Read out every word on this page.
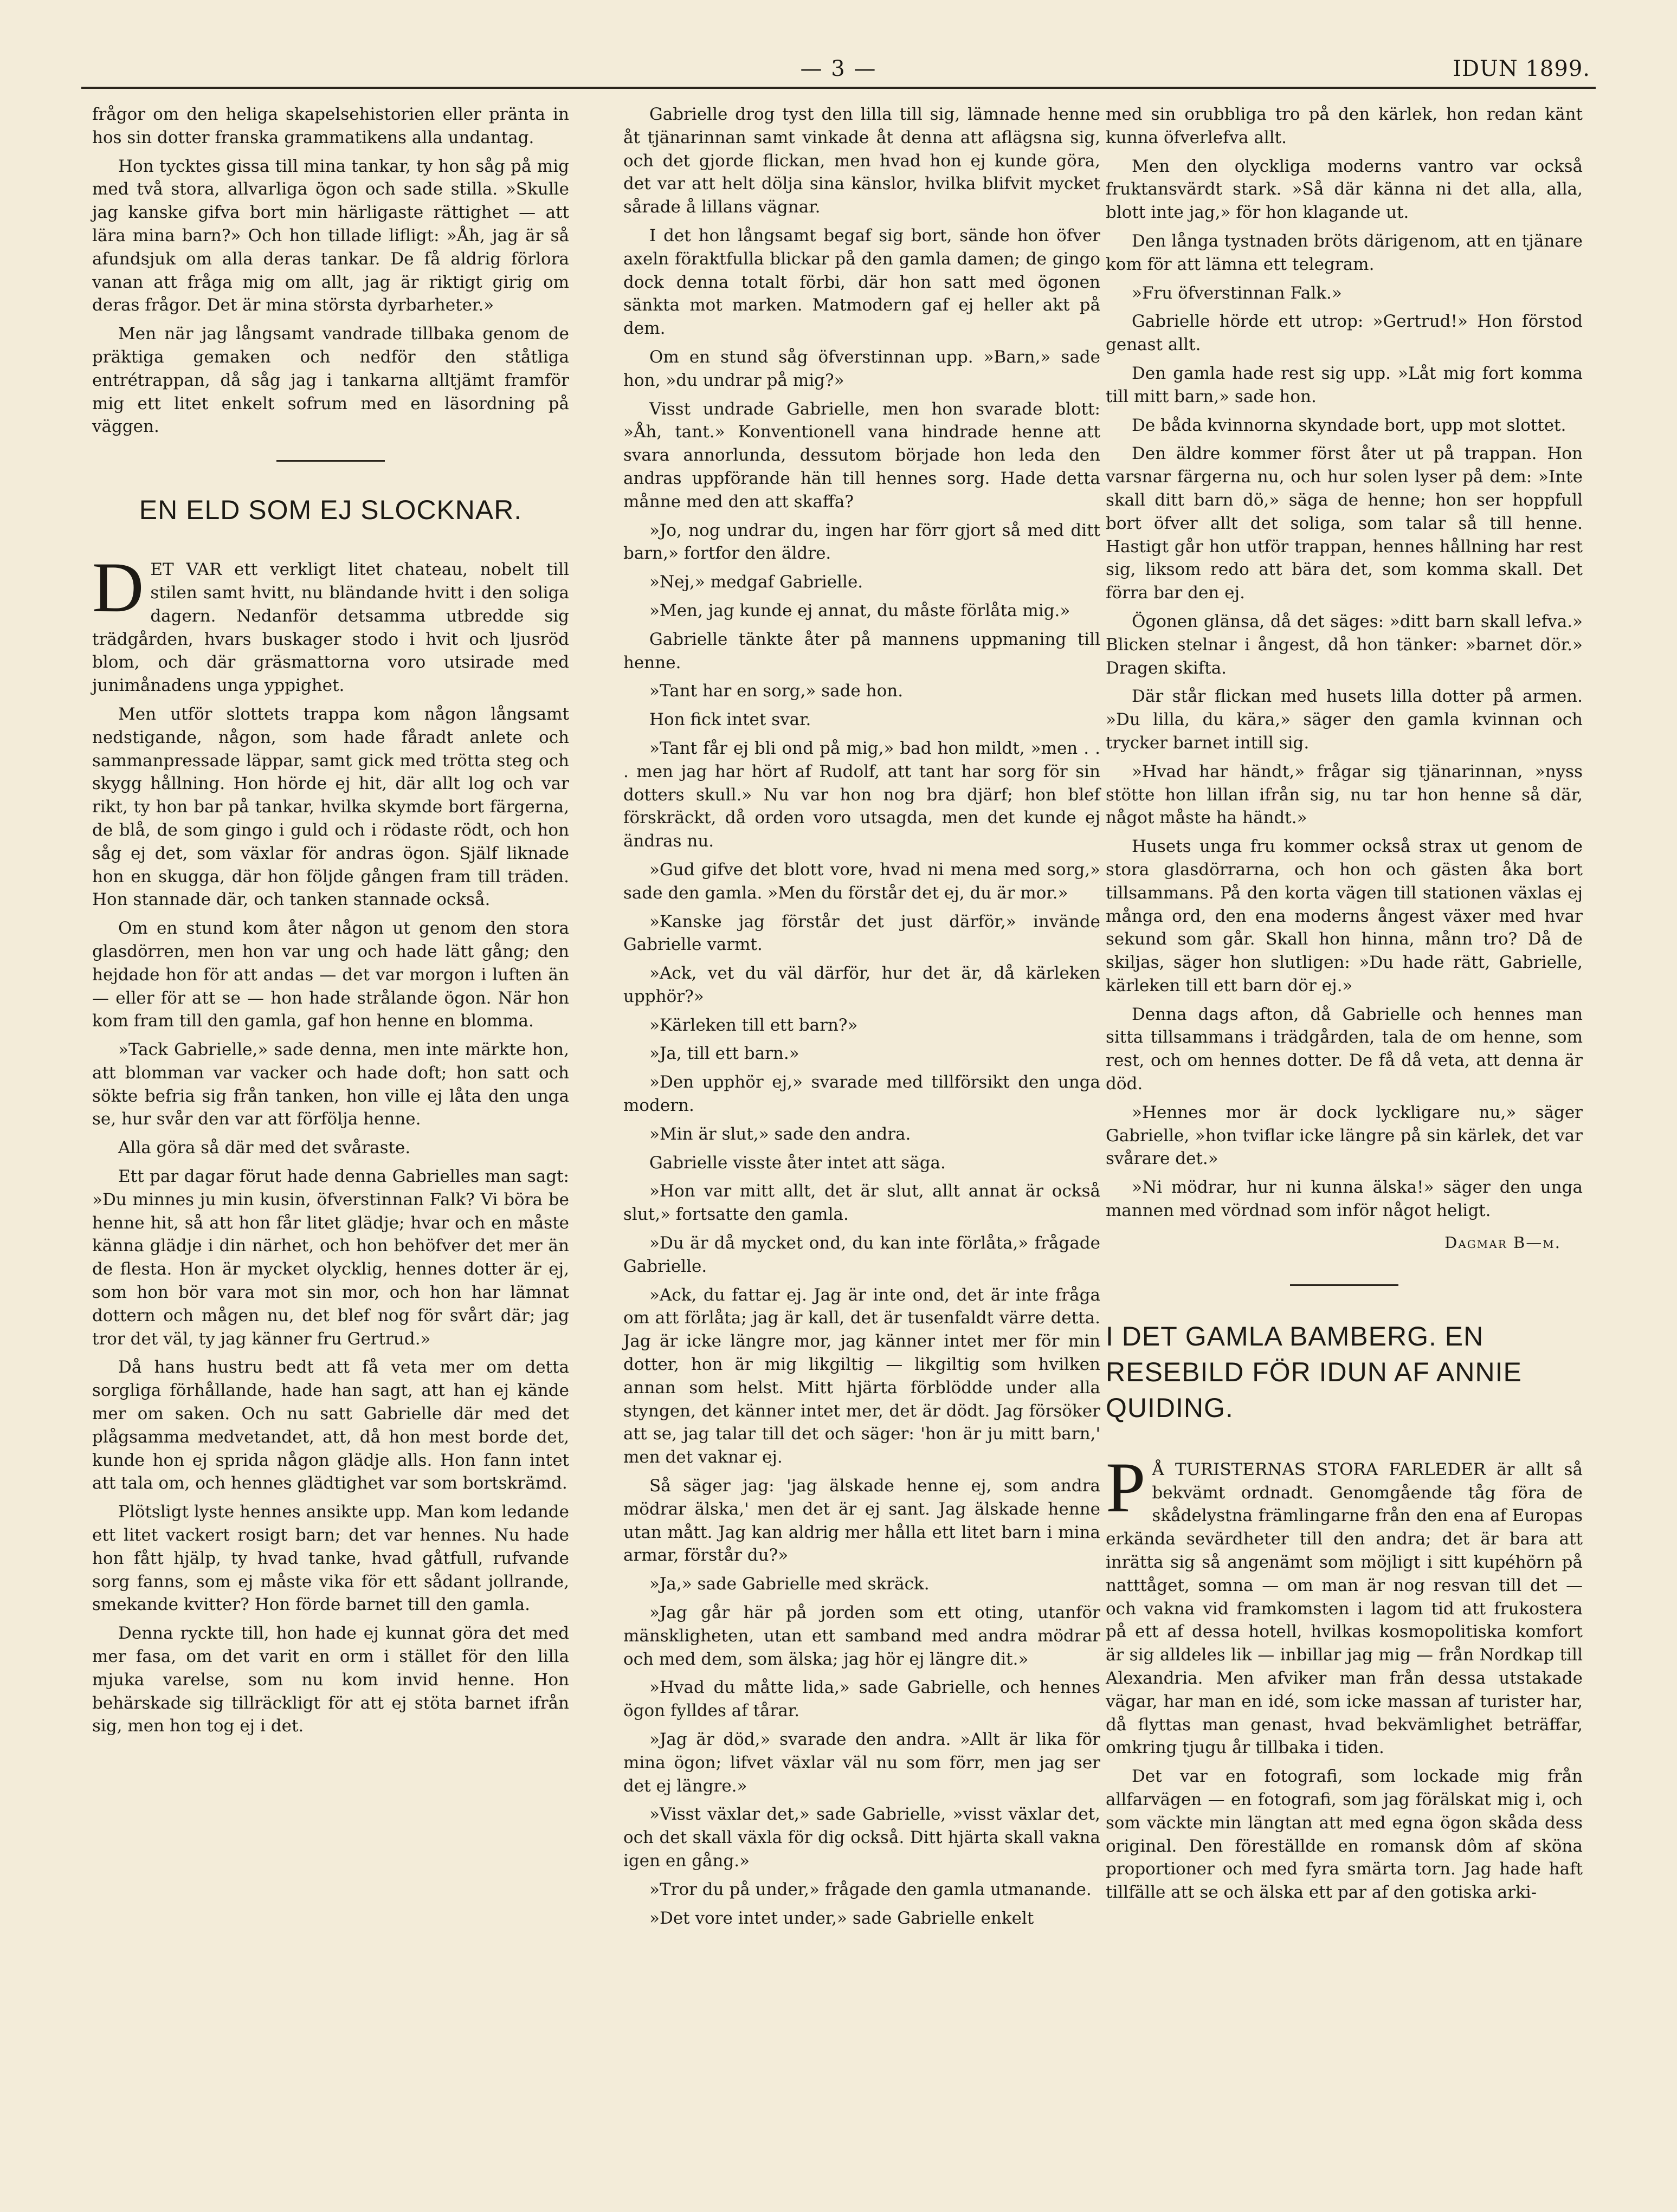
— 3 —	IDUN 1899.

frågor om den heliga skapelsehistorien eller pränta in hos sin dotter franska grammatikens alla undantag.

Hon tycktes gissa till mina tankar, ty hon såg på mig med två stora, allvarliga ögon och sade stilla. »Skulle jag kanske gifva bort min härligaste rättighet — att lära mina barn?» Och hon tillade lifligt: »Åh, jag är så afundsjuk om alla deras tankar. De få aldrig förlora vanan att fråga mig om allt, jag är riktigt girig om deras frågor. Det är mina största dyrbarheter.»

Men när jag långsamt vandrade tillbaka genom de präktiga gemaken och nedför den ståtliga entrétrappan, då såg jag i tankarna alltjämt framför mig ett litet enkelt sofrum med en läsordning på väggen.

EN ELD SOM EJ SLOCKNAR.

DET VAR ett verkligt litet chateau, nobelt till stilen samt hvitt, nu bländande hvitt i den soliga dagern. Nedanför detsamma utbredde sig trädgården, hvars buskager stodo i hvit och ljusröd blom, och där gräsmattorna voro utsirade med junimånadens unga yppighet.

Men utför slottets trappa kom någon långsamt nedstigande, någon, som hade fåradt anlete och sammanpressade läppar, samt gick med trötta steg och skygg hållning. Hon hörde ej hit, där allt log och var rikt, ty hon bar på tankar, hvilka skymde bort färgerna, de blå, de som gingo i guld och i rödaste rödt, och hon såg ej det, som växlar för andras ögon. Själf liknade hon en skugga, där hon följde gången fram till träden. Hon stannade där, och tanken stannade också.

Om en stund kom åter någon ut genom den stora glasdörren, men hon var ung och hade lätt gång; den hejdade hon för att andas — det var morgon i luften än — eller för att se — hon hade strålande ögon. När hon kom fram till den gamla, gaf hon henne en blomma.

»Tack Gabrielle,» sade denna, men inte märkte hon, att blomman var vacker och hade doft; hon satt och sökte befria sig från tanken, hon ville ej låta den unga se, hur svår den var att förfölja henne.

Alla göra så där med det svåraste.

Ett par dagar förut hade denna Gabrielles man sagt: »Du minnes ju min kusin, öfverstinnan Falk? Vi böra be henne hit, så att hon får litet glädje; hvar och en måste känna glädje i din närhet, och hon behöfver det mer än de flesta. Hon är mycket olycklig, hennes dotter är ej, som hon bör vara mot sin mor, och hon har lämnat dottern och mågen nu, det blef nog för svårt där; jag tror det väl, ty jag känner fru Gertrud.»

Då hans hustru bedt att få veta mer om detta sorgliga förhållande, hade han sagt, att han ej kände mer om saken. Och nu satt Gabrielle där med det plågsamma medvetandet, att, då hon mest borde det, kunde hon ej sprida någon glädje alls. Hon fann intet att tala om, och hennes glädtighet var som bortskrämd.

Plötsligt lyste hennes ansikte upp. Man kom ledande ett litet vackert rosigt barn; det var hennes. Nu hade hon fått hjälp, ty hvad tanke, hvad gåtfull, rufvande sorg fanns, som ej måste vika för ett sådant jollrande, smekande kvitter? Hon förde barnet till den gamla.

Denna ryckte till, hon hade ej kunnat göra det med mer fasa, om det varit en orm i stället för den lilla mjuka varelse, som nu kom invid henne. Hon behärskade sig tillräckligt för att ej stöta barnet ifrån sig, men hon tog ej i det.

Gabrielle drog tyst den lilla till sig, lämnade henne åt tjänarinnan samt vinkade åt denna att aflägsna sig, och det gjorde flickan, men hvad hon ej kunde göra, det var att helt dölja sina känslor, hvilka blifvit mycket sårade å lillans vägnar.

I det hon långsamt begaf sig bort, sände hon öfver axeln föraktfulla blickar på den gamla damen; de gingo dock denna totalt förbi, där hon satt med ögonen sänkta mot marken. Matmodern gaf ej heller akt på dem.

Om en stund såg öfverstinnan upp. »Barn,» sade hon, »du undrar på mig?»

Visst undrade Gabrielle, men hon svarade blott: »Åh, tant.» Konventionell vana hindrade henne att svara annorlunda, dessutom började hon leda den andras uppförande hän till hennes sorg. Hade detta månne med den att skaffa?

»Jo, nog undrar du, ingen har förr gjort så med ditt barn,» fortfor den äldre.

»Nej,» medgaf Gabrielle.

»Men, jag kunde ej annat, du måste förlåta mig.»

Gabrielle tänkte åter på mannens uppmaning till henne.

»Tant har en sorg,» sade hon.

Hon fick intet svar.

»Tant får ej bli ond på mig,» bad hon mildt, »men . . . men jag har hört af Rudolf, att tant har sorg för sin dotters skull.» Nu var hon nog bra djärf; hon blef förskräckt, då orden voro utsagda, men det kunde ej ändras nu.

»Gud gifve det blott vore, hvad ni mena med sorg,» sade den gamla. »Men du förstår det ej, du är mor.»

»Kanske jag förstår det just därför,» invände Gabrielle varmt.

»Ack, vet du väl därför, hur det är, då kärleken upphör?»

»Kärleken till ett barn?»

»Ja, till ett barn.»

»Den upphör ej,» svarade med tillförsikt den unga modern.

»Min är slut,» sade den andra.

Gabrielle visste åter intet att säga.

»Hon var mitt allt, det är slut, allt annat är också slut,» fortsatte den gamla.

»Du är då mycket ond, du kan inte förlåta,» frågade Gabrielle.

»Ack, du fattar ej. Jag är inte ond, det är inte fråga om att förlåta; jag är kall, det är tusenfaldt värre detta. Jag är icke längre mor, jag känner intet mer för min dotter, hon är mig likgiltig — likgiltig som hvilken annan som helst. Mitt hjärta förblödde under alla styngen, det känner intet mer, det är dödt. Jag försöker att se, jag talar till det och säger: 'hon är ju mitt barn,' men det vaknar ej.

Så säger jag: 'jag älskade henne ej, som andra mödrar älska,' men det är ej sant. Jag älskade henne utan mått. Jag kan aldrig mer hålla ett litet barn i mina armar, förstår du?»

»Ja,» sade Gabrielle med skräck.

»Jag går här på jorden som ett oting, utanför mänskligheten, utan ett samband med andra mödrar och med dem, som älska; jag hör ej längre dit.»

»Hvad du måtte lida,» sade Gabrielle, och hennes ögon fylldes af tårar.

»Jag är död,» svarade den andra. »Allt är lika för mina ögon; lifvet växlar väl nu som förr, men jag ser det ej längre.»

»Visst växlar det,» sade Gabrielle, »visst växlar det, och det skall växla för dig också. Ditt hjärta skall vakna igen en gång.»

»Tror du på under,» frågade den gamla utmanande.

»Det vore intet under,» sade Gabrielle enkelt

med sin orubbliga tro på den kärlek, hon redan känt kunna öfverlefva allt.

Men den olyckliga moderns vantro var också fruktansvärdt stark. »Så där känna ni det alla, alla, blott inte jag,» för hon klagande ut.

Den långa tystnaden bröts därigenom, att en tjänare kom för att lämna ett telegram.

»Fru öfverstinnan Falk.»

Gabrielle hörde ett utrop: »Gertrud!» Hon förstod genast allt.

Den gamla hade rest sig upp. »Låt mig fort komma till mitt barn,» sade hon.

De båda kvinnorna skyndade bort, upp mot slottet.

Den äldre kommer först åter ut på trappan. Hon varsnar färgerna nu, och hur solen lyser på dem: »Inte skall ditt barn dö,» säga de henne; hon ser hoppfull bort öfver allt det soliga, som talar så till henne. Hastigt går hon utför trappan, hennes hållning har rest sig, liksom redo att bära det, som komma skall. Det förra bar den ej.

Ögonen glänsa, då det säges: »ditt barn skall lefva.» Blicken stelnar i ångest, då hon tänker: »barnet dör.» Dragen skifta.

Där står flickan med husets lilla dotter på armen. »Du lilla, du kära,» säger den gamla kvinnan och trycker barnet intill sig.

»Hvad har händt,» frågar sig tjänarinnan, »nyss stötte hon lillan ifrån sig, nu tar hon henne så där, något måste ha händt.»

Husets unga fru kommer också strax ut genom de stora glasdörrarna, och hon och gästen åka bort tillsammans. På den korta vägen till stationen växlas ej många ord, den ena moderns ångest växer med hvar sekund som går. Skall hon hinna, månn tro? Då de skiljas, säger hon slutligen: »Du hade rätt, Gabrielle, kärleken till ett barn dör ej.»

Denna dags afton, då Gabrielle och hennes man sitta tillsammans i trädgården, tala de om henne, som rest, och om hennes dotter. De få då veta, att denna är död.

»Hennes mor är dock lyckligare nu,» säger Gabrielle, »hon tviflar icke längre på sin kärlek, det var svårare det.»

»Ni mödrar, hur ni kunna älska!» säger den unga mannen med vördnad som inför något heligt.

Dagmar B—m.
I DET GAMLA BAMBERG. EN RESEBILD FÖR IDUN AF ANNIE QUIDING.

P Å TURISTERNAS STORA FARLEDER är allt så bekvämt ordnadt. Genomgående tåg föra de skådelystna främlingarne från den ena af Europas erkända sevärdheter till den andra; det är bara att inrätta sig så angenämt som möjligt i sitt kupéhörn på natttåget, somna — om man är nog resvan till det — och vakna vid framkomsten i lagom tid att frukostera på ett af dessa hotell, hvilkas kosmopolitiska komfort är sig alldeles lik — inbillar jag mig — från Nordkap till Alexandria. Men afviker man från dessa utstakade vägar, har man en idé, som icke massan af turister har, då flyttas man genast, hvad bekvämlighet beträffar, omkring tjugu år tillbaka i tiden.

Det var en fotografi, som lockade mig från allfarvägen — en fotografi, som jag förälskat mig i, och som väckte min längtan att med egna ögon skåda dess original. Den föreställde en romansk dôm af sköna proportioner och med fyra smärta torn. Jag hade haft tillfälle att se och älska ett par af den gotiska arki-
